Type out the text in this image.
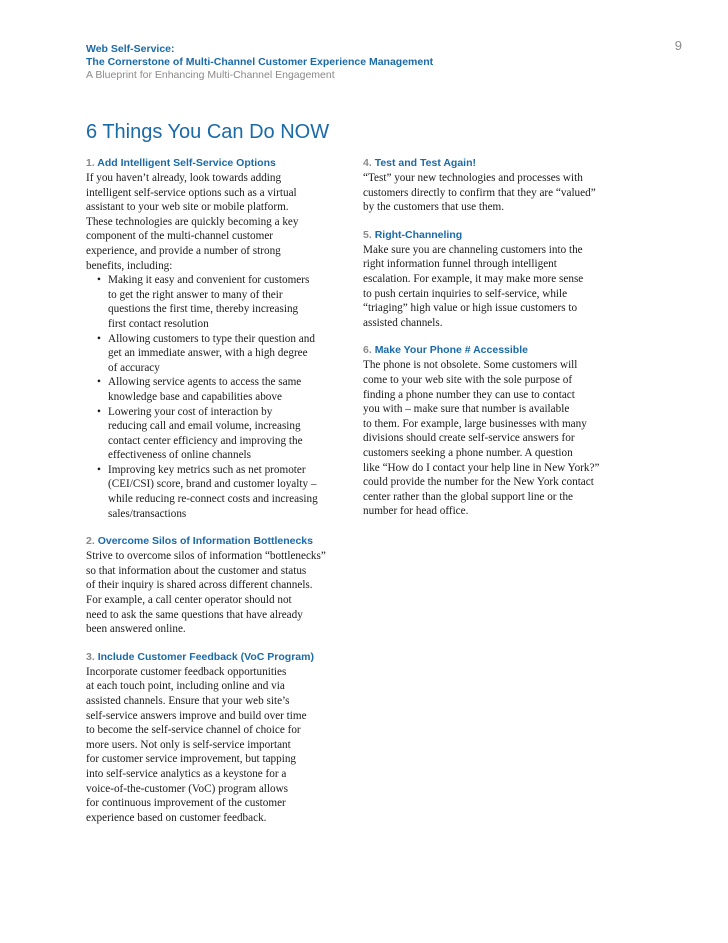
9
Web Self-Service:
The Cornerstone of Multi-Channel Customer Experience Management
A Blueprint for Enhancing Multi-Channel Engagement
6 Things You Can Do NOW
1. Add Intelligent Self-Service Options

If you haven’t already, look towards adding

intelligent self-service options such as a virtual

assistant to your web site or mobile platform.

These technologies are quickly becoming a key

component of the multi-channel customer

experience, and provide a number of strong

benefits, including:

• Making it easy and convenient for customers

to get the right answer to many of their

questions the first time, thereby increasing

first contact resolution

• Allowing customers to type their question and

get an immediate answer, with a high degree

of accuracy

• Allowing service agents to access the same

knowledge base and capabilities above

• Lowering your cost of interaction by

reducing call and email volume, increasing

contact center efficiency and improving the

effectiveness of online channels

• Improving key metrics such as net promoter

(CEI/CSI) score, brand and customer loyalty –

while reducing re-connect costs and increasing

sales/transactions

2. Overcome Silos of Information Bottlenecks

Strive to overcome silos of information “bottlenecks”

so that information about the customer and status

of their inquiry is shared across different channels.

For example, a call center operator should not

need to ask the same questions that have already

been answered online.

3. Include Customer Feedback (VoC Program)

Incorporate customer feedback opportunities

at each touch point, including online and via

assisted channels. Ensure that your web site’s

self-service answers improve and build over time

to become the self-service channel of choice for

more users. Not only is self-service important

for customer service improvement, but tapping

into self-service analytics as a keystone for a

voice-of-the-customer (VoC) program allows

for continuous improvement of the customer

experience based on customer feedback.

4. Test and Test Again!

“Test” your new technologies and processes with

customers directly to confirm that they are “valued”

by the customers that use them.

5. Right-Channeling

Make sure you are channeling customers into the

right information funnel through intelligent

escalation. For example, it may make more sense

to push certain inquiries to self-service, while

“triaging” high value or high issue customers to

assisted channels.

6. Make Your Phone # Accessible

The phone is not obsolete. Some customers will

come to your web site with the sole purpose of

finding a phone number they can use to contact

you with – make sure that number is available

to them. For example, large businesses with many

divisions should create self-service answers for

customers seeking a phone number. A question

like “How do I contact your help line in New York?”

could provide the number for the New York contact

center rather than the global support line or the

number for head office.
